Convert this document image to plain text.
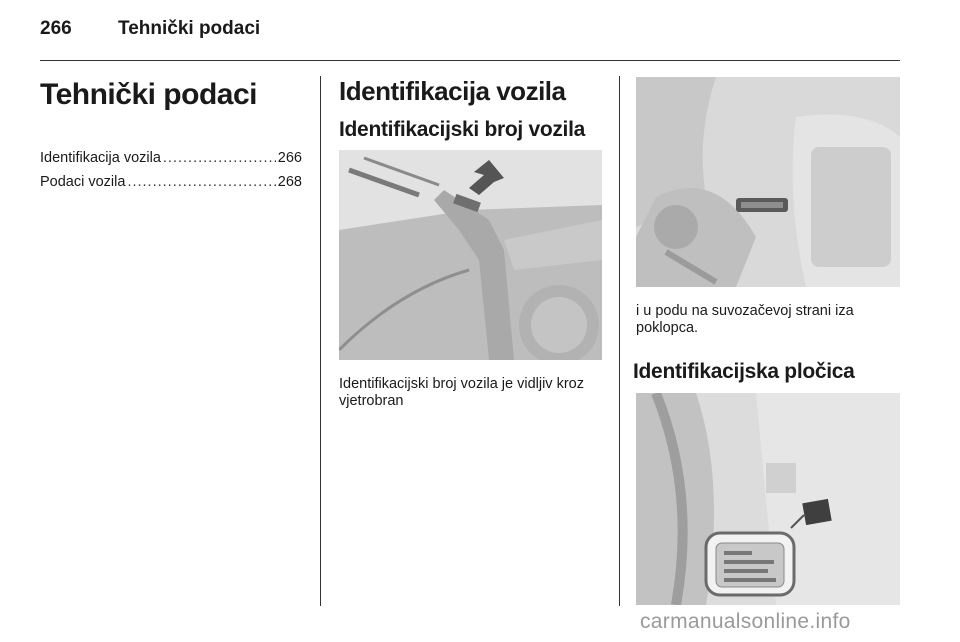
266 Tehnički podaci
Tehnički podaci
Identifikacija vozila .....	266
Podaci vozila .....	268
Identifikacija vozila
Identifikacijski broj vozila
Identifikacijski broj vozila je vidljiv kroz vjetrobran
i u podu na suvozačevoj strani iza poklopca.
Identifikacijska pločica
carmanualsonline.info
